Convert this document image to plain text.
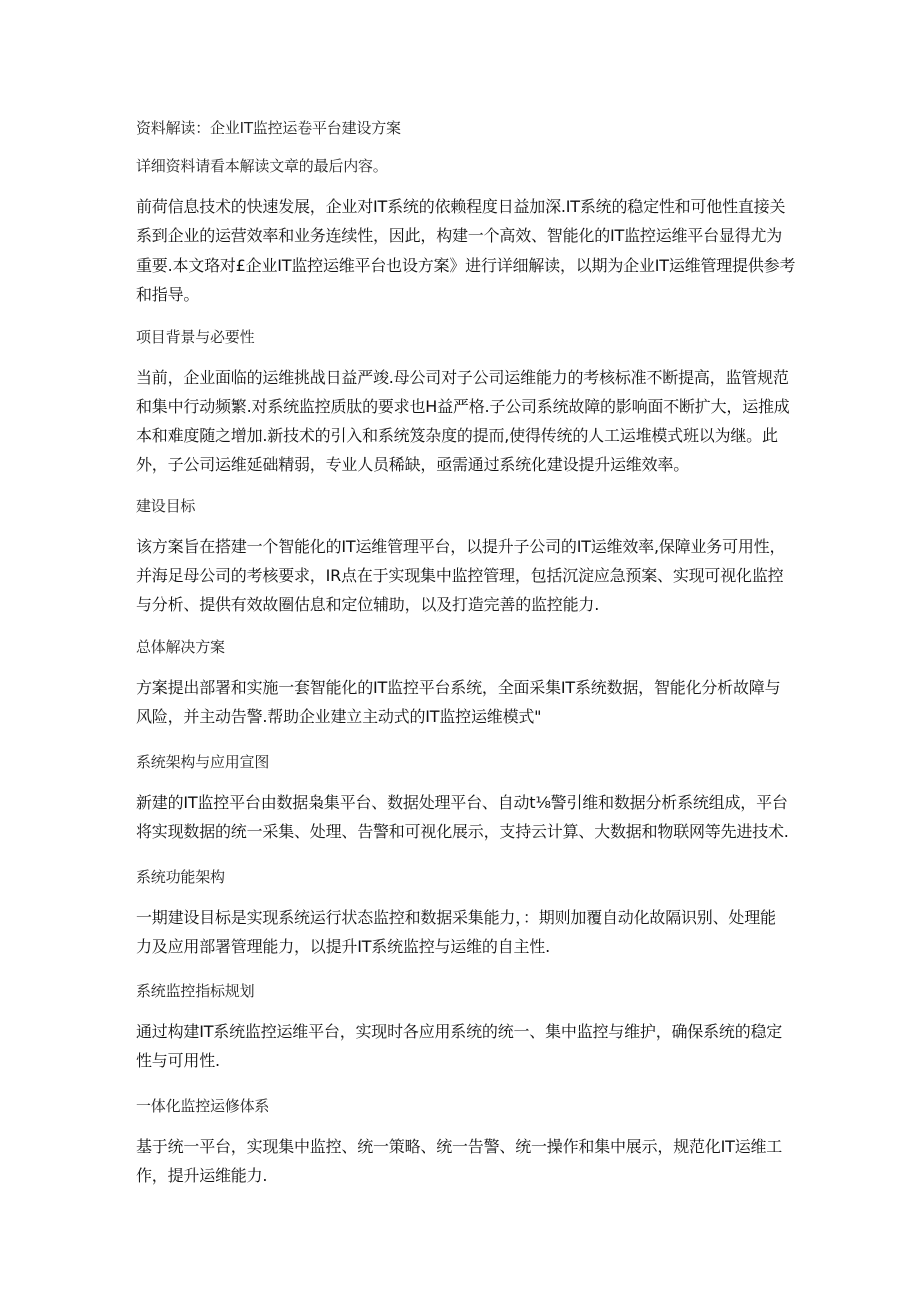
资料解读：企业IT监控运卷平台建设方案
详细资料请看本解读文章的最后内容。
前荷信息技术的快速发展，企业对IT系统的依赖程度日益加深.IT系统的稳定性和可他性直接关
系到企业的运营效率和业务连续性，因此，构建一个高效、智能化的IT监控运维平台显得尤为
重要.本文珞对£企业IT监控运维平台也设方案》进行详细解读，以期为企业IT运维管理提供参考
和指导。
项目背景与必要性
当前，企业面临的运维挑战日益严竣.母公司对子公司运维能力的考核标准不断提高，监管规范
和集中行动频繁.对系统监控质肽的要求也H益严格.子公司系统故障的影响面不断扩大，运推成
本和难度随之增加.新技术的引入和系统笈杂度的提而,使得传统的人工运堆模式班以为继。此
外，子公司运维延础精弱，专业人员稀缺，亟需通过系统化建设提升运维效率。
建设目标
该方案旨在搭建一个智能化的IT运维管理平台，以提升子公司的IT运维效率,保障业务可用性，
并海足母公司的考核要求，IR点在于实现集中监控管理，包括沉淀应急预案、实现可视化监控
与分析、提供有效故圈估息和定位辅助，以及打造完善的监控能力.
总体解决方案
方案提出部署和实施一套智能化的IT监控平台系统，全面采集IT系统数据，智能化分析故障与
风险，并主动告警.帮助企业建立主动式的IT监控运维模式"
系统架构与应用宣图
新建的IT监控平台由数据枭集平台、数据处理平台、自动t⅛警引维和数据分析系统组成，平台
将实现数据的统一采集、处理、告警和可视化展示，支持云计算、大数据和物联网等先进技术.
系统功能架构
一期建设目标是实现系统运行状态监控和数据采集能力，：期则加覆自动化故隔识别、处理能
力及应用部署管理能力，以提升IT系统监控与运维的自主性.
系统监控指标规划
通过构建IT系统监控运维平台，实现时各应用系统的统一、集中监控与维护，确保系统的稳定
性与可用性.
一体化监控运修体系
基于统一平台，实现集中监控、统一策略、统一告警、统一操作和集中展示，规范化IT运维工
作，提升运维能力.
